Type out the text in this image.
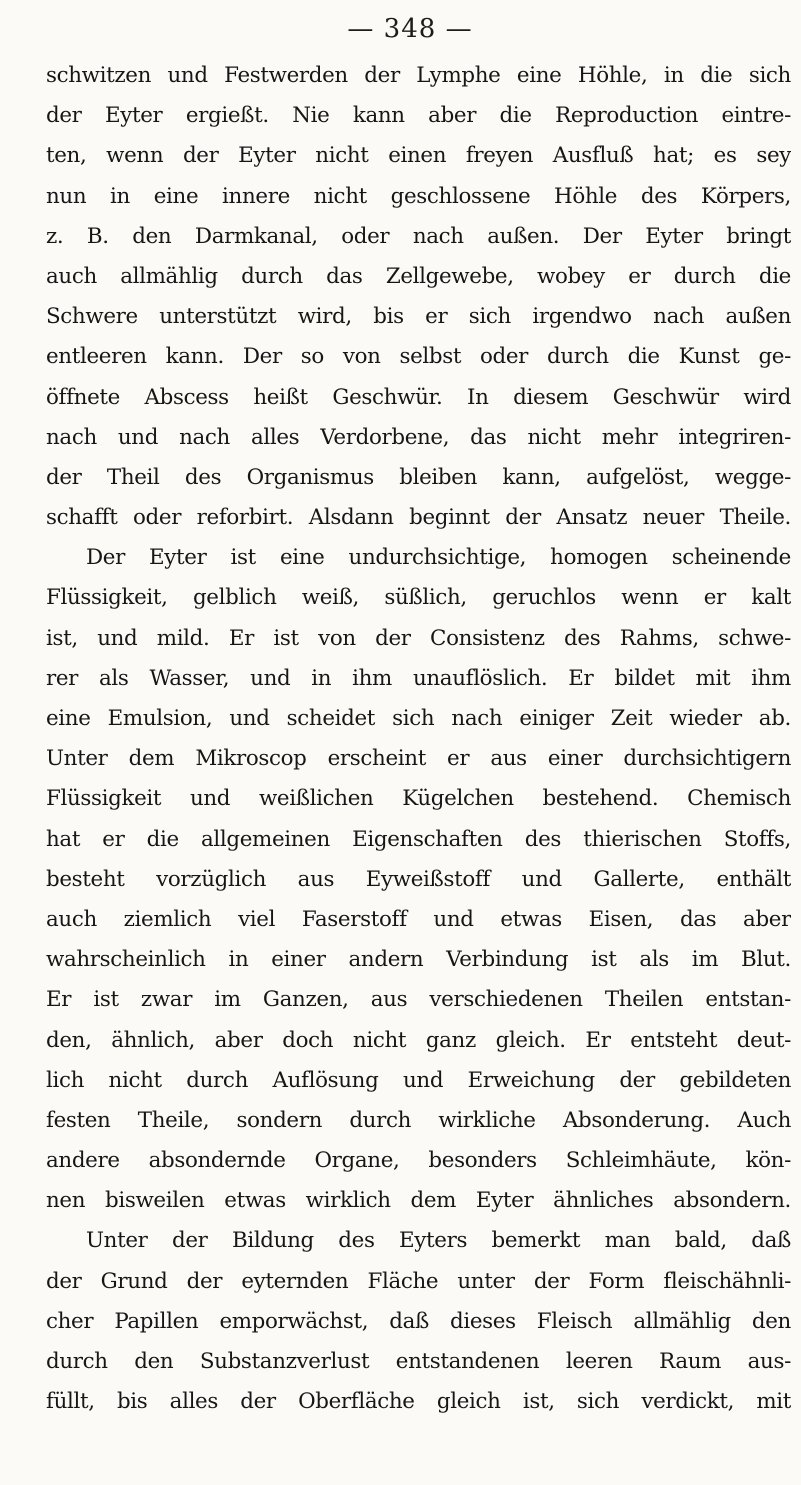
— 348 —
schwitzen und Festwerden der Lymphe eine Höhle, in die sich
der Eyter ergießt. Nie kann aber die Reproduction eintre-
ten, wenn der Eyter nicht einen freyen Ausfluß hat; es sey
nun in eine innere nicht geschlossene Höhle des Körpers,
z. B. den Darmkanal, oder nach außen. Der Eyter bringt
auch allmählig durch das Zellgewebe, wobey er durch die
Schwere unterstützt wird, bis er sich irgendwo nach außen
entleeren kann. Der so von selbst oder durch die Kunst ge-
öffnete Abscess heißt Geschwür. In diesem Geschwür wird
nach und nach alles Verdorbene, das nicht mehr integriren-
der Theil des Organismus bleiben kann, aufgelöst, wegge-
schafft oder reforbirt. Alsdann beginnt der Ansatz neuer Theile.
Der Eyter ist eine undurchsichtige, homogen scheinende
Flüssigkeit, gelblich weiß, süßlich, geruchlos wenn er kalt
ist, und mild. Er ist von der Consistenz des Rahms, schwe-
rer als Wasser, und in ihm unauflöslich. Er bildet mit ihm
eine Emulsion, und scheidet sich nach einiger Zeit wieder ab.
Unter dem Mikroscop erscheint er aus einer durchsichtigern
Flüssigkeit und weißlichen Kügelchen bestehend. Chemisch
hat er die allgemeinen Eigenschaften des thierischen Stoffs,
besteht vorzüglich aus Eyweißstoff und Gallerte, enthält
auch ziemlich viel Faserstoff und etwas Eisen, das aber
wahrscheinlich in einer andern Verbindung ist als im Blut.
Er ist zwar im Ganzen, aus verschiedenen Theilen entstan-
den, ähnlich, aber doch nicht ganz gleich. Er entsteht deut-
lich nicht durch Auflösung und Erweichung der gebildeten
festen Theile, sondern durch wirkliche Absonderung. Auch
andere absondernde Organe, besonders Schleimhäute, kön-
nen bisweilen etwas wirklich dem Eyter ähnliches absondern.
Unter der Bildung des Eyters bemerkt man bald, daß
der Grund der eyternden Fläche unter der Form fleischähnli-
cher Papillen emporwächst, daß dieses Fleisch allmählig den
durch den Substanzverlust entstandenen leeren Raum aus-
füllt, bis alles der Oberfläche gleich ist, sich verdickt, mit
